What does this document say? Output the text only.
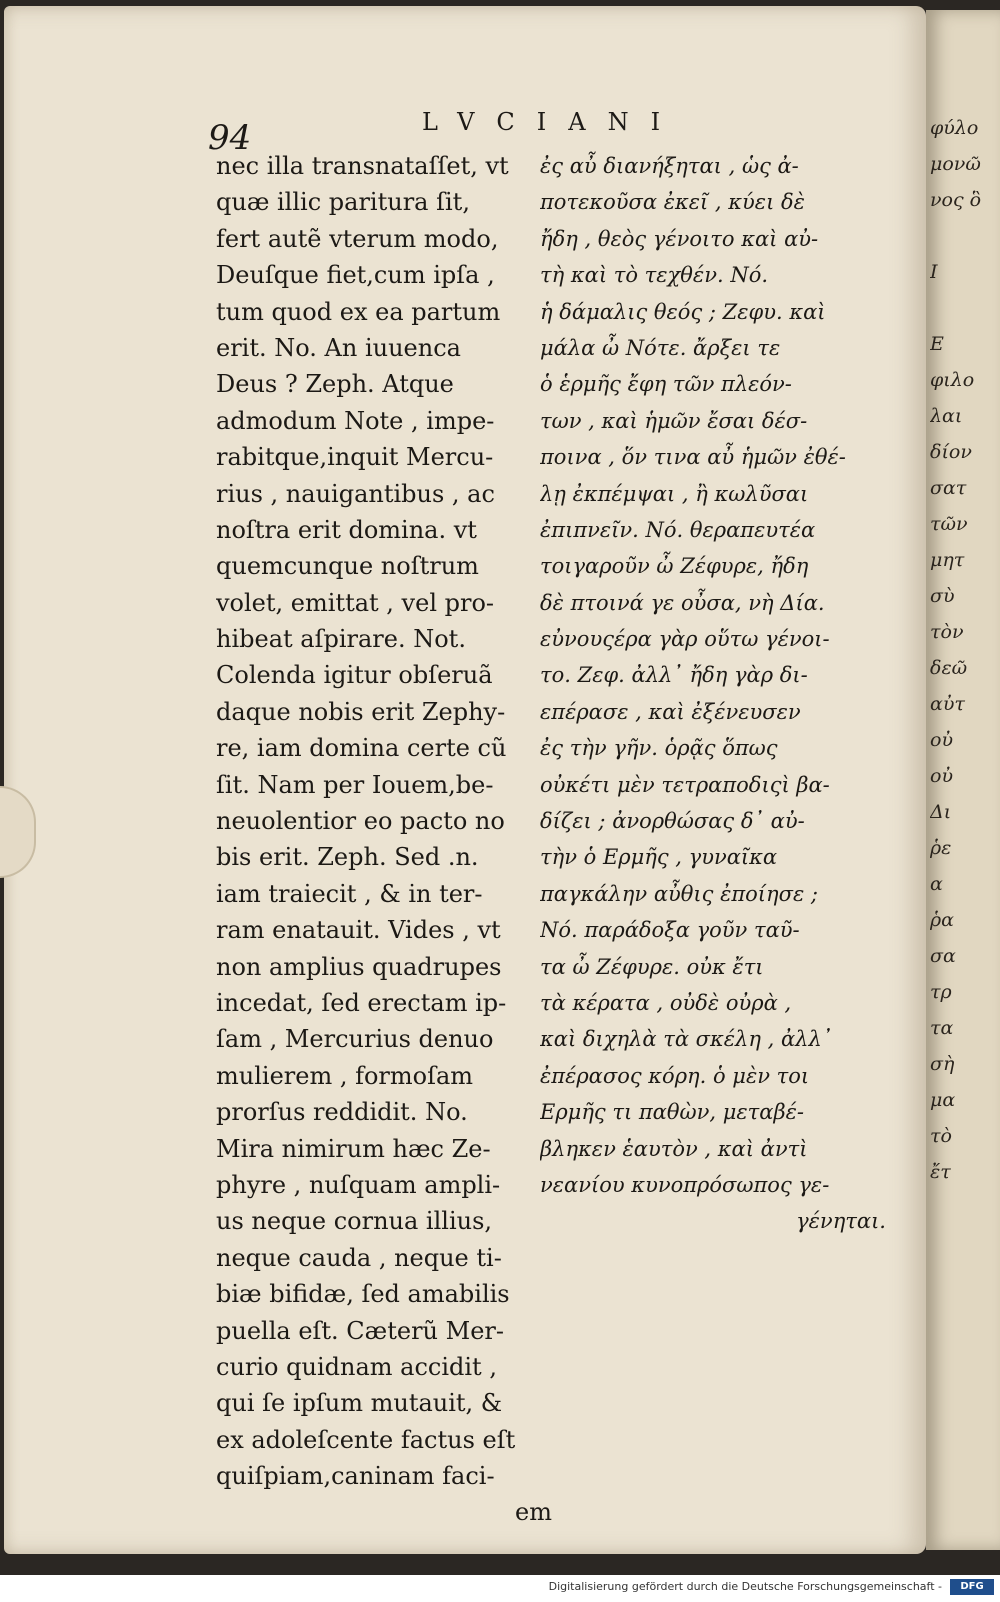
94	LVCIANI
nec illa transnataſſet, vt
quæ illic paritura ſit,
fert autẽ vterum modo,
Deuſque fiet,cum ipſa ,
tum quod ex ea partum
erit. No. An iuuenca
Deus ? Zeph. Atque
admodum Note , impe-
rabitque,inquit Mercu-
rius , nauigantibus , ac
noſtra erit domina. vt
quemcunque noſtrum
volet, emittat , vel pro-
hibeat aſpirare. Not.
Colenda igitur obſeruã
daque nobis erit Zephy-
re, iam domina certe cũ
ſit. Nam per Iouem,be-
neuolentior eo pacto no
bis erit. Zeph. Sed .n.
iam traiecit , & in ter-
ram enatauit. Vides , vt
non amplius quadrupes
incedat, ſed erectam ip-
ſam , Mercurius denuo
mulierem , formoſam
prorſus reddidit. No.
Mira nimirum hæc Ze-
phyre , nuſquam ampli-
us neque cornua illius,
neque cauda , neque ti-
biæ bifidæ, ſed amabilis
puella eſt. Cæterũ Mer-
curio quidnam accidit ,
qui ſe ipſum mutauit, &
ex adoleſcente factus eſt
quiſpiam,caninam faci-
em
ἐς αὖ διανήξηται , ὡς ἀ-
ποτεκοῦσα ἐκεῖ , κύει δὲ
ἤδη , θεὸς γένοιτο καὶ αὐ-
τὴ καὶ τὸ τεχθέν. Νό.
ἡ δάμαλις θεός ; Ζεφυ. καὶ
μάλα ὦ Νότε. ἄρξει τε
ὁ ἑρμῆς ἔφη τῶν πλεόν-
των , καὶ ἡμῶν ἔσαι δέσ-
ποινα , ὅν τινα αὖ ἡμῶν ἐθέ-
λῃ ἐκπέμψαι , ἢ κωλῦσαι
ἐπιπνεῖν. Νό. θεραπευτέα
τοιγαροῦν ὦ Ζέφυρε, ἤδη
δὲ πτοινά γε οὖσα, νὴ Δία.
εὐνουςέρα γὰρ οὕτω γένοι-
το. Ζεφ. ἀλλ᾿ ἤδη γὰρ δι-
επέρασε , καὶ ἐξένευσεν
ἐς τὴν γῆν. ὁρᾷς ὅπως
οὐκέτι μὲν τετραποδιςὶ βα-
δίζει ; ἀνορθώσας δ᾿ αὐ-
τὴν ὁ Ερμῆς , γυναῖκα
παγκάλην αὖθις ἐποίησε ;
Νό. παράδοξα γοῦν ταῦ-
τα ὦ Ζέφυρε. οὐκ ἔτι
τὰ κέρατα , οὐδὲ οὐρὰ ,
καὶ διχηλὰ τὰ σκέλη , ἀλλ᾿
ἐπέρασος κόρη. ὁ μὲν τοι
Ερμῆς τι παθὼν, μεταβέ-
βληκεν ἑαυτὸν , καὶ ἀντὶ
νεανίου κυνοπρόσωπος γε-
γένηται.
φύλο
μονῶ
νος ὃ

Ι

Ε
φιλο
λαι
δίον
σατ
τῶν
μητ
σὺ
τὸν
δεῶ
αὐτ
οὐ
οὐ
Δι
ῥε
α
ῥα
σα
τρ
τα
σὴ
μα
τὸ
ἔτ
Digitalisierung gefördert durch die Deutsche Forschungsgemeinschaft -	DFG
